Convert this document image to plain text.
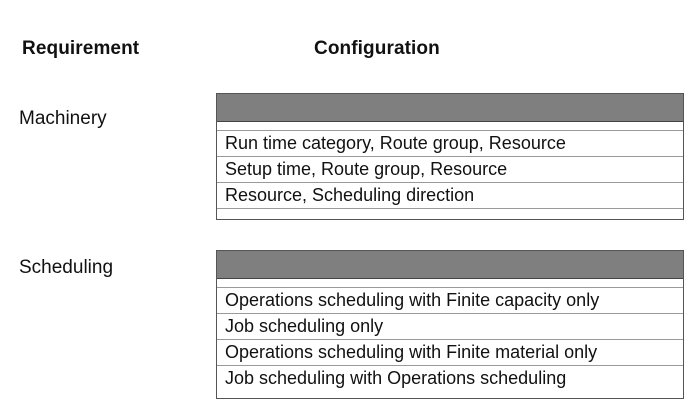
Requirement	Configuration
Machinery
Run time category, Route group, Resource
Setup time, Route group, Resource
Resource, Scheduling direction
Scheduling
Operations scheduling with Finite capacity only
Job scheduling only
Operations scheduling with Finite material only
Job scheduling with Operations scheduling
